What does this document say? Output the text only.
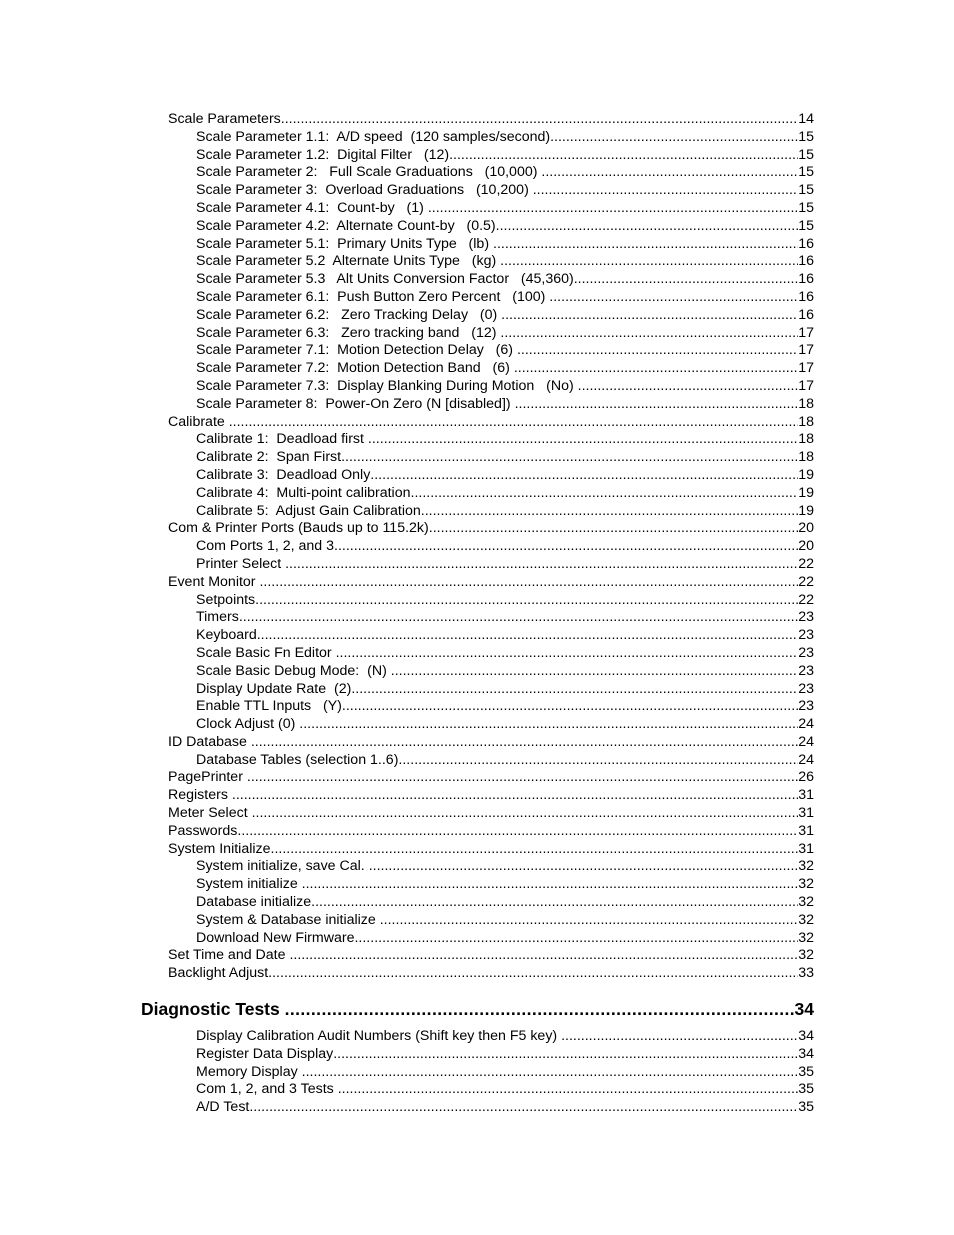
Scale Parameters .....	14
Scale Parameter 1.1:  A/D speed  (120 samples/second) .....	15
Scale Parameter 1.2:  Digital Filter   (12) .....	15
Scale Parameter 2:   Full Scale Graduations   (10,000) .....	15
Scale Parameter 3:  Overload Graduations   (10,200) .....	15
Scale Parameter 4.1:  Count-by   (1) .....	15
Scale Parameter 4.2:  Alternate Count-by   (0.5) .....	15
Scale Parameter 5.1:  Primary Units Type   (lb) .....	16
Scale Parameter 5.2  Alternate Units Type   (kg) .....	16
Scale Parameter 5.3   Alt Units Conversion Factor   (45,360) .....	16
Scale Parameter 6.1:  Push Button Zero Percent   (100) .....	16
Scale Parameter 6.2:   Zero Tracking Delay   (0) .....	16
Scale Parameter 6.3:   Zero tracking band   (12) .....	17
Scale Parameter 7.1:  Motion Detection Delay   (6) .....	17
Scale Parameter 7.2:  Motion Detection Band   (6) .....	17
Scale Parameter 7.3:  Display Blanking During Motion   (No) .....	17
Scale Parameter 8:  Power-On Zero (N [disabled]) .....	18
Calibrate .....	18
Calibrate 1:  Deadload first .....	18
Calibrate 2:  Span First .....	18
Calibrate 3:  Deadload Only .....	19
Calibrate 4:  Multi-point calibration. .....	19
Calibrate 5:  Adjust Gain Calibration .....	19
Com & Printer Ports (Bauds up to 115.2k) .....	20
Com Ports 1, 2, and 3 .....	20
Printer Select .....	22
Event Monitor .....	22
Setpoints .....	22
Timers .....	23
Keyboard .....	23
Scale Basic Fn Editor .....	23
Scale Basic Debug Mode:  (N) .....	23
Display Update Rate  (2) .....	23
Enable TTL Inputs   (Y) .....	23
Clock Adjust (0) .....	24
ID Database .....	24
Database Tables (selection 1..6) .....	24
PagePrinter .....	26
Registers .....	31
Meter Select .....	31
Passwords .....	31
System Initialize .....	31
System initialize, save Cal. .....	32
System initialize .....	32
Database initialize .....	32
System & Database initialize .....	32
Download New Firmware .....	32
Set Time and Date .....	32
Backlight Adjust .....	33
Diagnostic Tests .....	34
Display Calibration Audit Numbers (Shift key then F5 key) .....	34
Register Data Display .....	34
Memory Display .....	35
Com 1, 2, and 3 Tests .....	35
A/D Test .....	35
